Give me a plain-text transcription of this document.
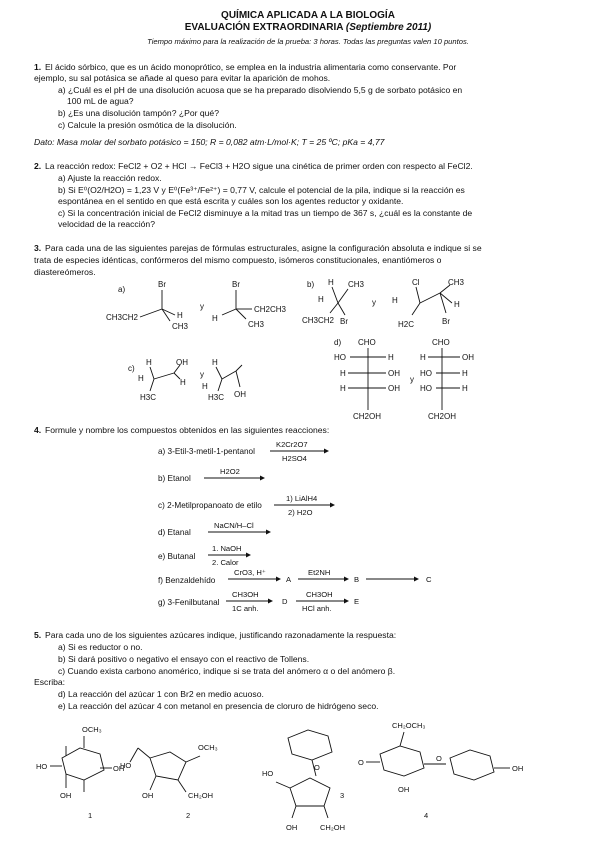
QUÍMICA APLICADA A LA BIOLOGÍA
EVALUACIÓN EXTRAORDINARIA (Septiembre 2011)
Tiempo máximo para la realización de la prueba: 3 horas. Todas las preguntas valen 10 puntos.
1. El ácido sórbico, que es un ácido monoprótico, se emplea en la industria alimentaria como conservante. Por
ejemplo, su sal potásica se añade al queso para evitar la aparición de mohos.
a) ¿Cuál es el pH de una disolución acuosa que se ha preparado disolviendo 5,5 g de sorbato potásico en
100 mL de agua?
b) ¿Es una disolución tampón? ¿Por qué?
c) Calcule la presión osmótica de la disolución.
Dato: Masa molar del sorbato potásico = 150; R = 0,082 atm·L/mol·K; T = 25 ºC; pKa = 4,77
2. La reacción redox: FeCl2 + O2 + HCl → FeCl3 + H2O sigue una cinética de primer orden con respecto al FeCl2.
a) Ajuste la reacción redox.
b) Si E⁰(O2/H2O) = 1,23 V y E⁰(Fe³⁺/Fe²⁺) = 0,77 V, calcule el potencial de la pila, indique si la reacción es
espontánea en el sentido en que está escrita y cuáles son los agentes reductor y oxidante.
c) Si la concentración inicial de FeCl2 disminuye a la mitad tras un tiempo de 367 s, ¿cuál es la constante de
velocidad de la reacción?
3. Para cada una de las siguientes parejas de fórmulas estructurales, asigne la configuración absoluta e indique si se
trata de especies idénticas, confórmeros del mismo compuesto, isómeros constitucionales, enantiómeros o
diastereómeros.
a)
Br
CH3CH2	H
CH3
y
Br
H
CH2CH3
CH3
b) H CH3
Br
H
CH3CH2
y
Cl	CH3
H
H2C
H
Br
c)
H
H
H3C
OH
H
y
H
H
H3C OH
d) CHO
HO	H
H	OH
H	OH
CH2OH
y
CHO
H	OH
HO	H
HO	H
CH2OH
4. Formule y nombre los compuestos obtenidos en las siguientes reacciones:
a) 3-Etil-3-metil-1-pentanol
b) Etanol
c) 2-Metilpropanoato de etilo
d) Etanal
e) Butanal
f) Benzaldehído
g) 3-Fenilbutanal
K2Cr2O7
H2SO4
H2O2
1) LiAlH4
2) H2O
NaCN/H–Cl
1. NaOH
2. Calor
CrO3, H⁺
A
Et2NH
B	C
CH3OH
1C anh.
D
CH3OH
HCl anh.
E
5. Para cada uno de los siguientes azúcares indique, justificando razonadamente la respuesta:
a) Si es reductor o no.
b) Si dará positivo o negativo el ensayo con el reactivo de Tollens.
c) Cuando exista carbono anomérico, indique si se trata del anómero α o del anómero β.
Escriba:
d) La reacción del azúcar 1 con Br2 en medio acuoso.
e) La reacción del azúcar 4 con metanol en presencia de cloruro de hidrógeno seco.
HO
OCH₃
OH
OH
1
HO
OCH₃
CH₂OH
OH
2
HO
O
OH	CH₂OH
3
CH₂OCH₃
O	O
OH
OH
4
